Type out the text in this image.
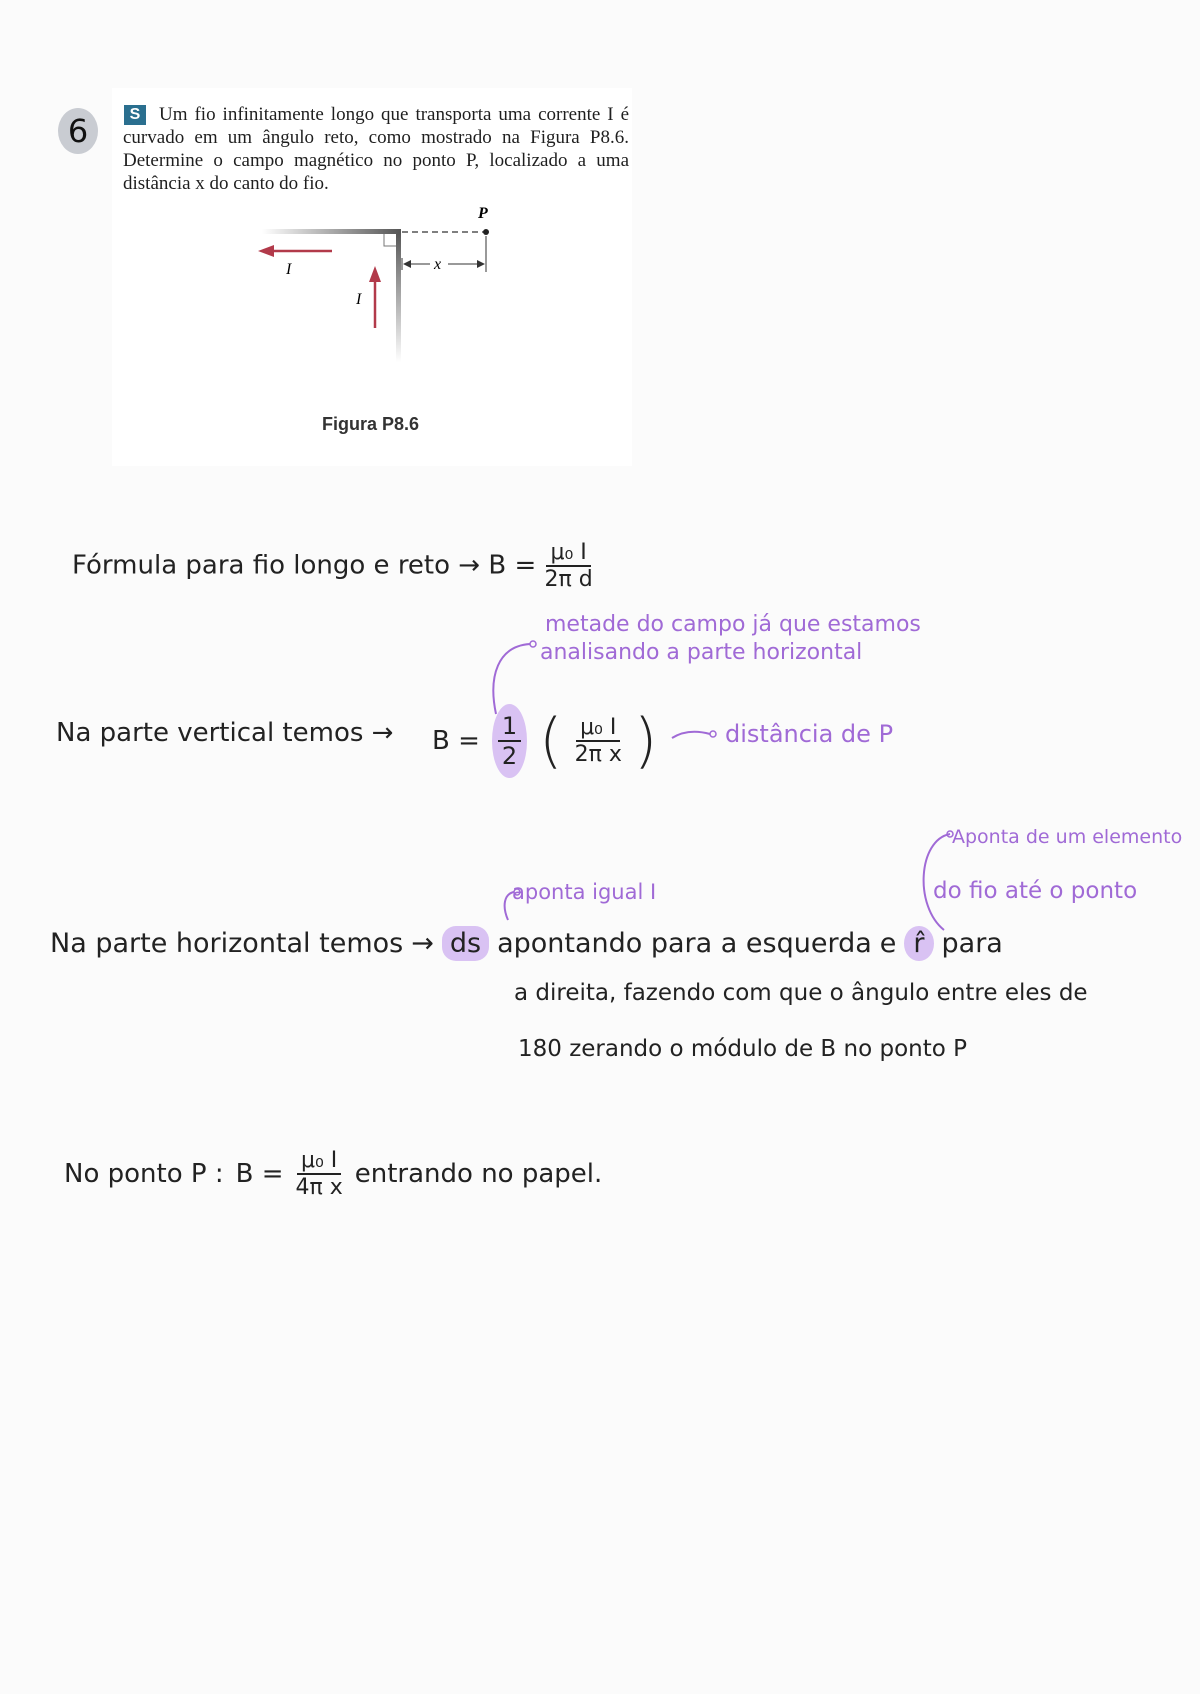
6	S Um fio infinitamente longo que transporta uma corrente I é curvado em um ângulo reto, como mostrado na Figura P8.6. Determine o campo magnético no ponto P, localizado a uma distância x do canto do fio.

P
x
I
I
Figura P8.6
Fórmula para fio longo e reto → $B = \frac{\text{μ₀ I}}{\text{2π d}}$
metade do campo já que estamos
analisando a parte horizontal
Na parte vertical temos → $B = \frac{1}{2}$ ( $\frac{\text{μ₀ I}}{\text{2π x}}$ )	distância de P
aponta igual I
Aponta de um elemento
do fio até o ponto
Na parte horizontal temos → ds apontando para a esquerda e r̂ para
a direita, fazendo com que o ângulo entre eles de
180 zerando o módulo de B no ponto P
No ponto P : $B = \frac{\text{μ₀ I}}{\text{4π x}}$ entrando no papel.
